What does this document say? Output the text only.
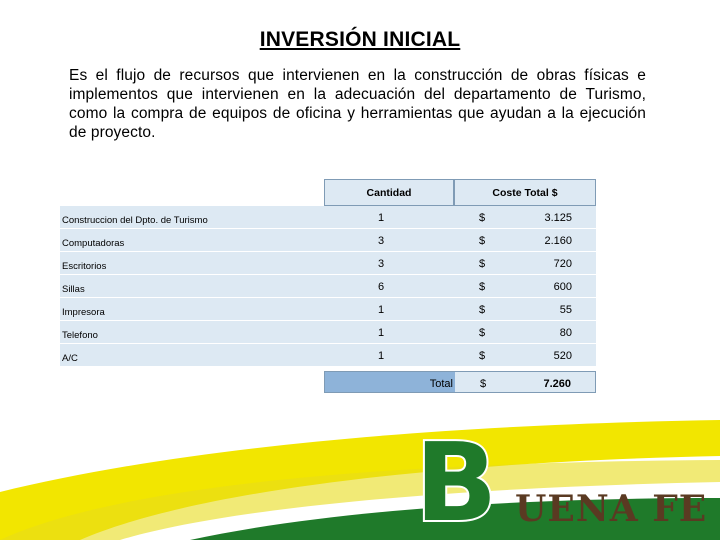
INVERSIÓN INICIAL
Es el flujo de recursos que intervienen en la construcción de obras físicas e implementos que intervienen en la adecuación del departamento de Turismo, como la compra de equipos de oficina y herramientas que ayudan a la ejecución de proyecto.
Cantidad	Coste Total $
Construccion del Dpto. de Turismo	1	$	3.125
Computadoras	3	$	2.160
Escritorios	3	$	720
Sillas	6	$	600
Impresora	1	$	55
Telefono	1	$	80
A/C	1	$	520
Total $	7.260
B UENA FE
